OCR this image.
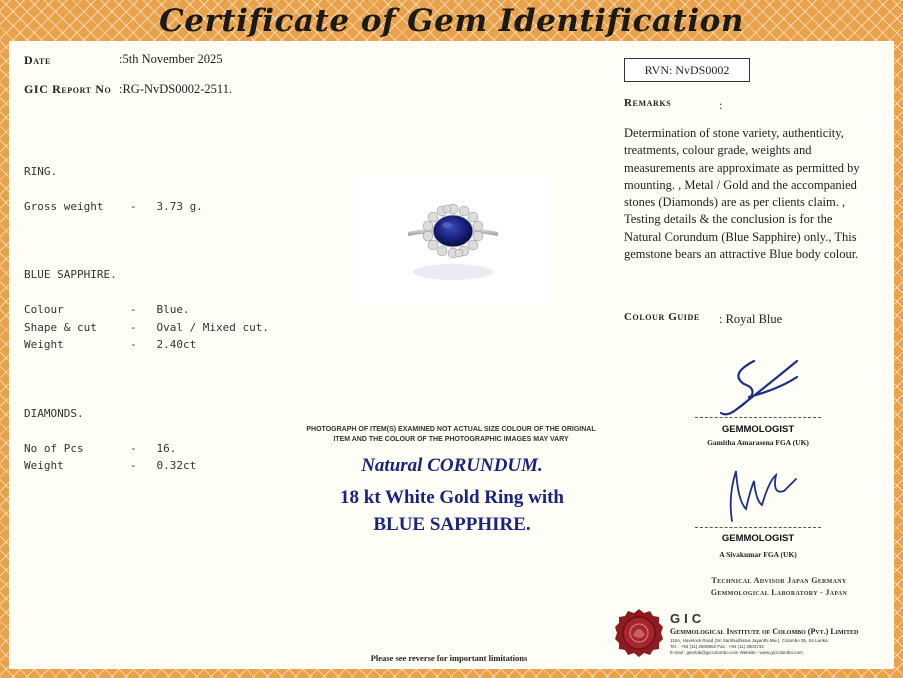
Certificate of Gem Identification
Date	:5th November 2025
GIC Report No :RG-NvDS0002-2511.
RVN: NvDS0002
RING.
Gross weight    -   3.73 g.
BLUE SAPPHIRE.
Colour          -   Blue.
Shape & cut     -   Oval / Mixed cut.
Weight          -   2.40ct
DIAMONDS.
No of Pcs       -   16.
Weight          -   0.32ct
PHOTOGRAPH OF ITEM(S) EXAMINED NOT ACTUAL SIZE COLOUR OF THE ORIGINAL ITEM AND THE COLOUR OF THE PHOTOGRAPHIC IMAGES MAY VARY
Natural CORUNDUM.
18 kt White Gold Ring with
BLUE SAPPHIRE.
Remarks	:
Determination of stone variety, authenticity, treatments, colour grade, weights and measurements are approximate as permitted by mounting. , Metal / Gold and the accompanied stones (Diamonds) are as per clients claim. , Testing details & the conclusion is for the Natural Corundum (Blue Sapphire) only., This gemstone bears an attractive Blue body colour.
Colour Guide : Royal Blue
GEMMOLOGIST
Gamitha Amarasena FGA (UK)
GEMMOLOGIST
A Sivakumar FGA (UK)
Technical Advisor Japan Germany
Gemmological Laboratory - Japan
GIC
Gemmological Institute of Colombo (Pvt.) Limited
115A, Havelock Road (Sri Sambudhatva Jayanthi Mw.), Colombo 05, Sri Lanka.
Tel. : +94 (11) 2509652 Fax : +94 (11) 2503732
E-mail : gemlab@giccolombo.com Website : www.giccolombo.com
Please see reverse for important limitations
